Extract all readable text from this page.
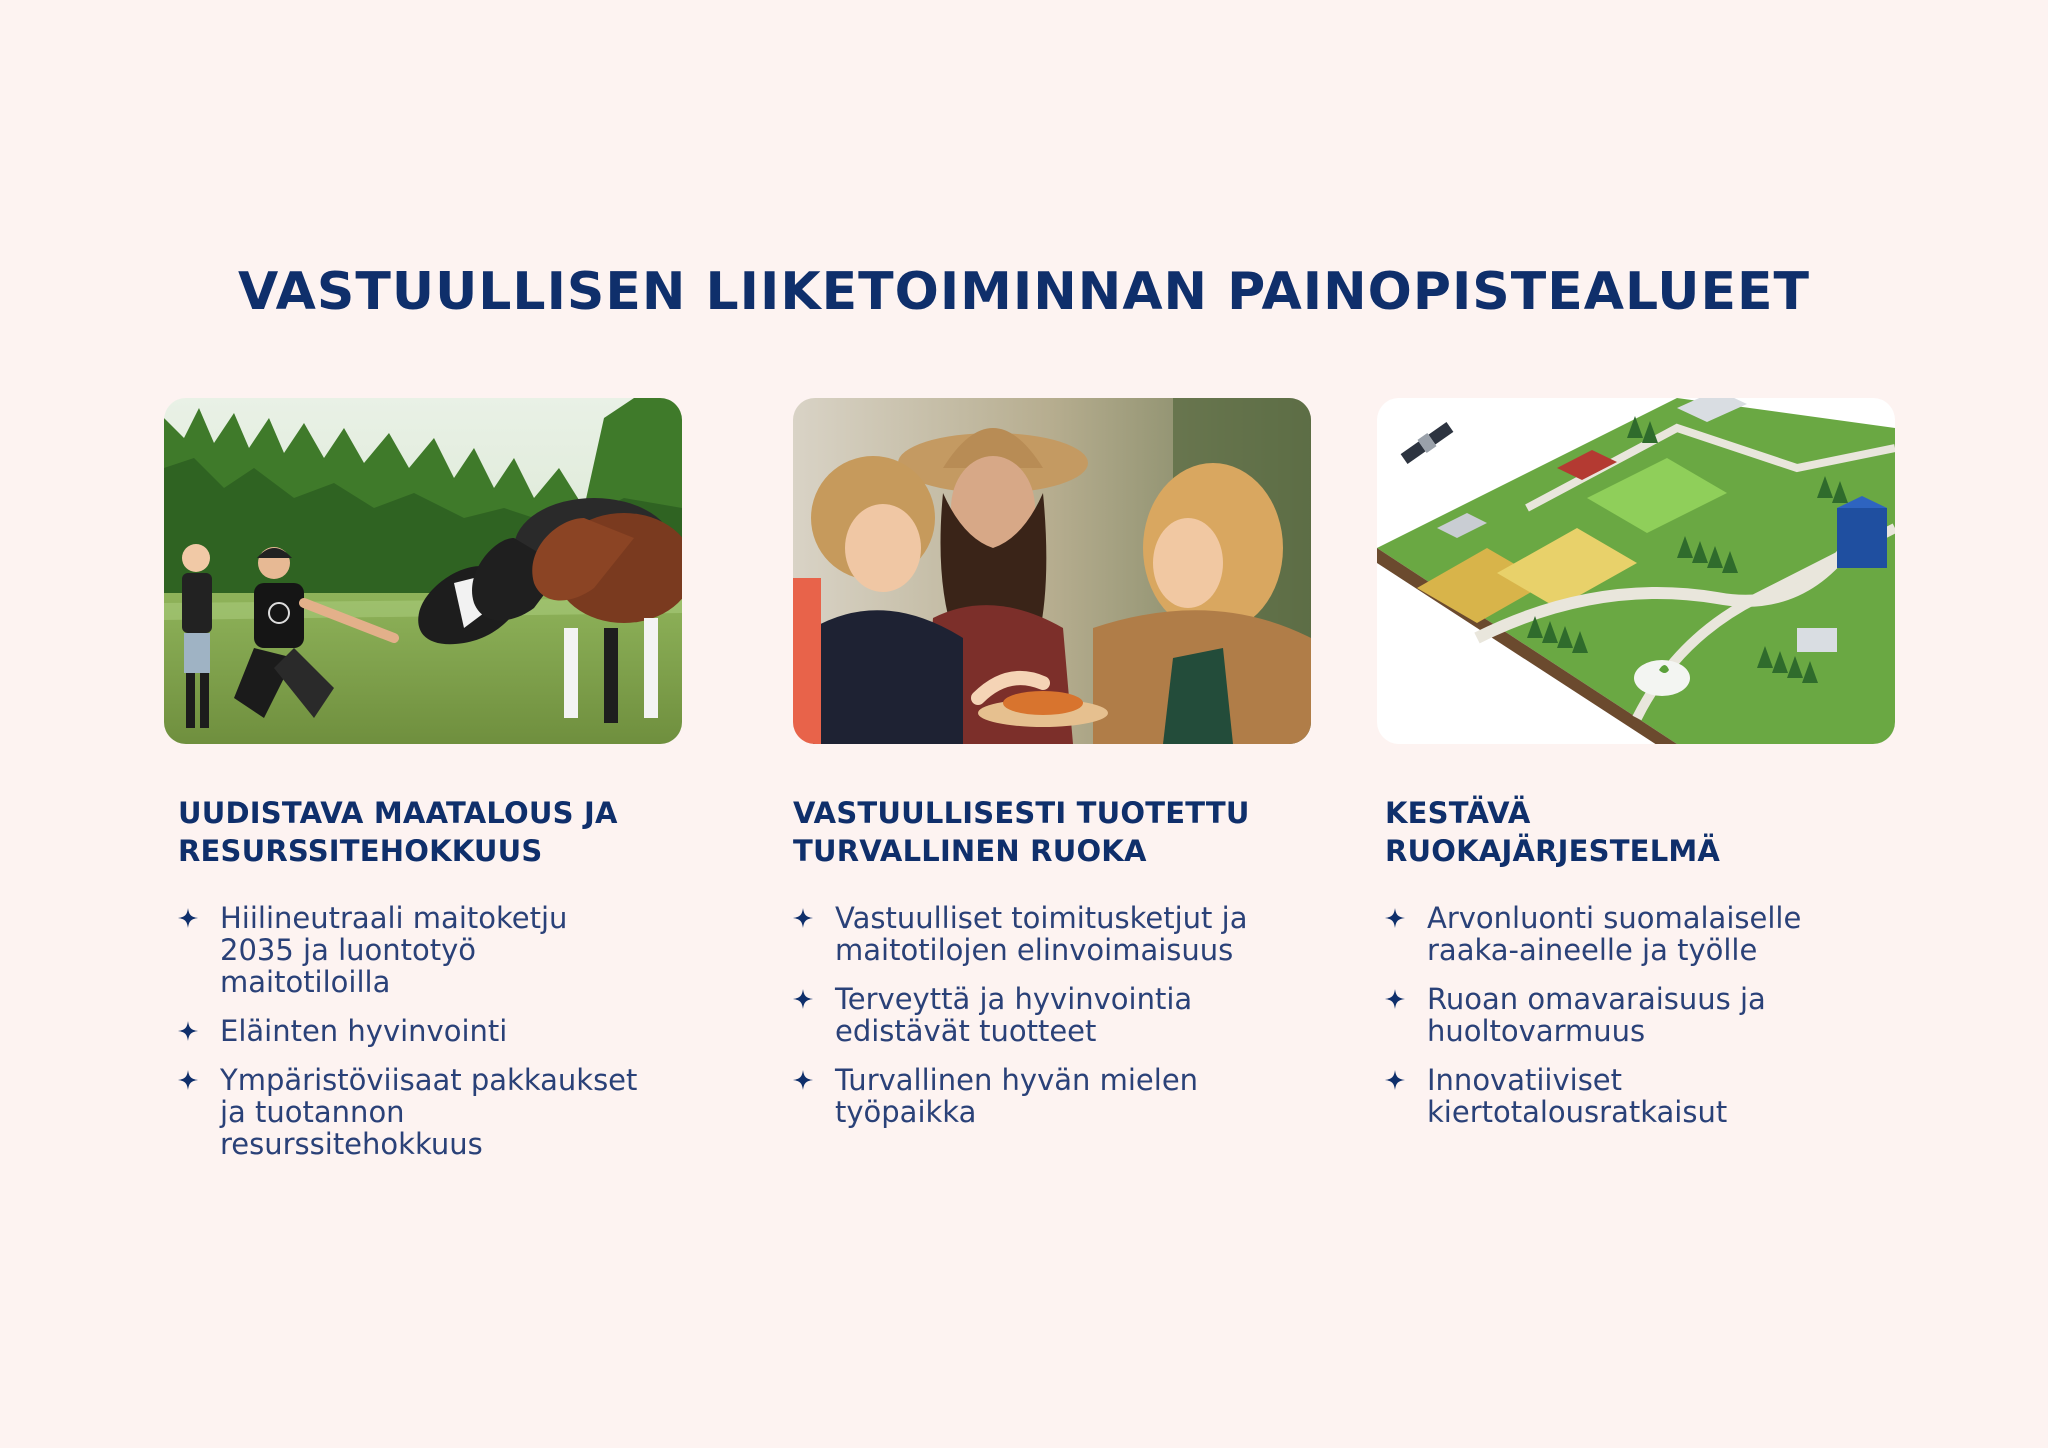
VASTUULLISEN LIIKETOIMINNAN PAINOPISTEALUEET
UUDISTAVA MAATALOUS JA
RESURSSITEHOKKUUS
Hiilineutraali maitoketju 2035 ja luontotyö maitotiloilla
Eläinten hyvinvointi
Ympäristöviisaat pakkaukset ja tuotannon resurssitehokkuus
VASTUULLISESTI TUOTETTU
TURVALLINEN RUOKA
Vastuulliset toimitusketjut ja maitotilojen elinvoimaisuus
Terveyttä ja hyvinvointia edistävät tuotteet
Turvallinen hyvän mielen työpaikka
KESTÄVÄ
RUOKAJÄRJESTELMÄ
Arvonluonti suomalaiselle raaka-aineelle ja työlle
Ruoan omavaraisuus ja huoltovarmuus
Innovatiiviset kiertotalousratkaisut
